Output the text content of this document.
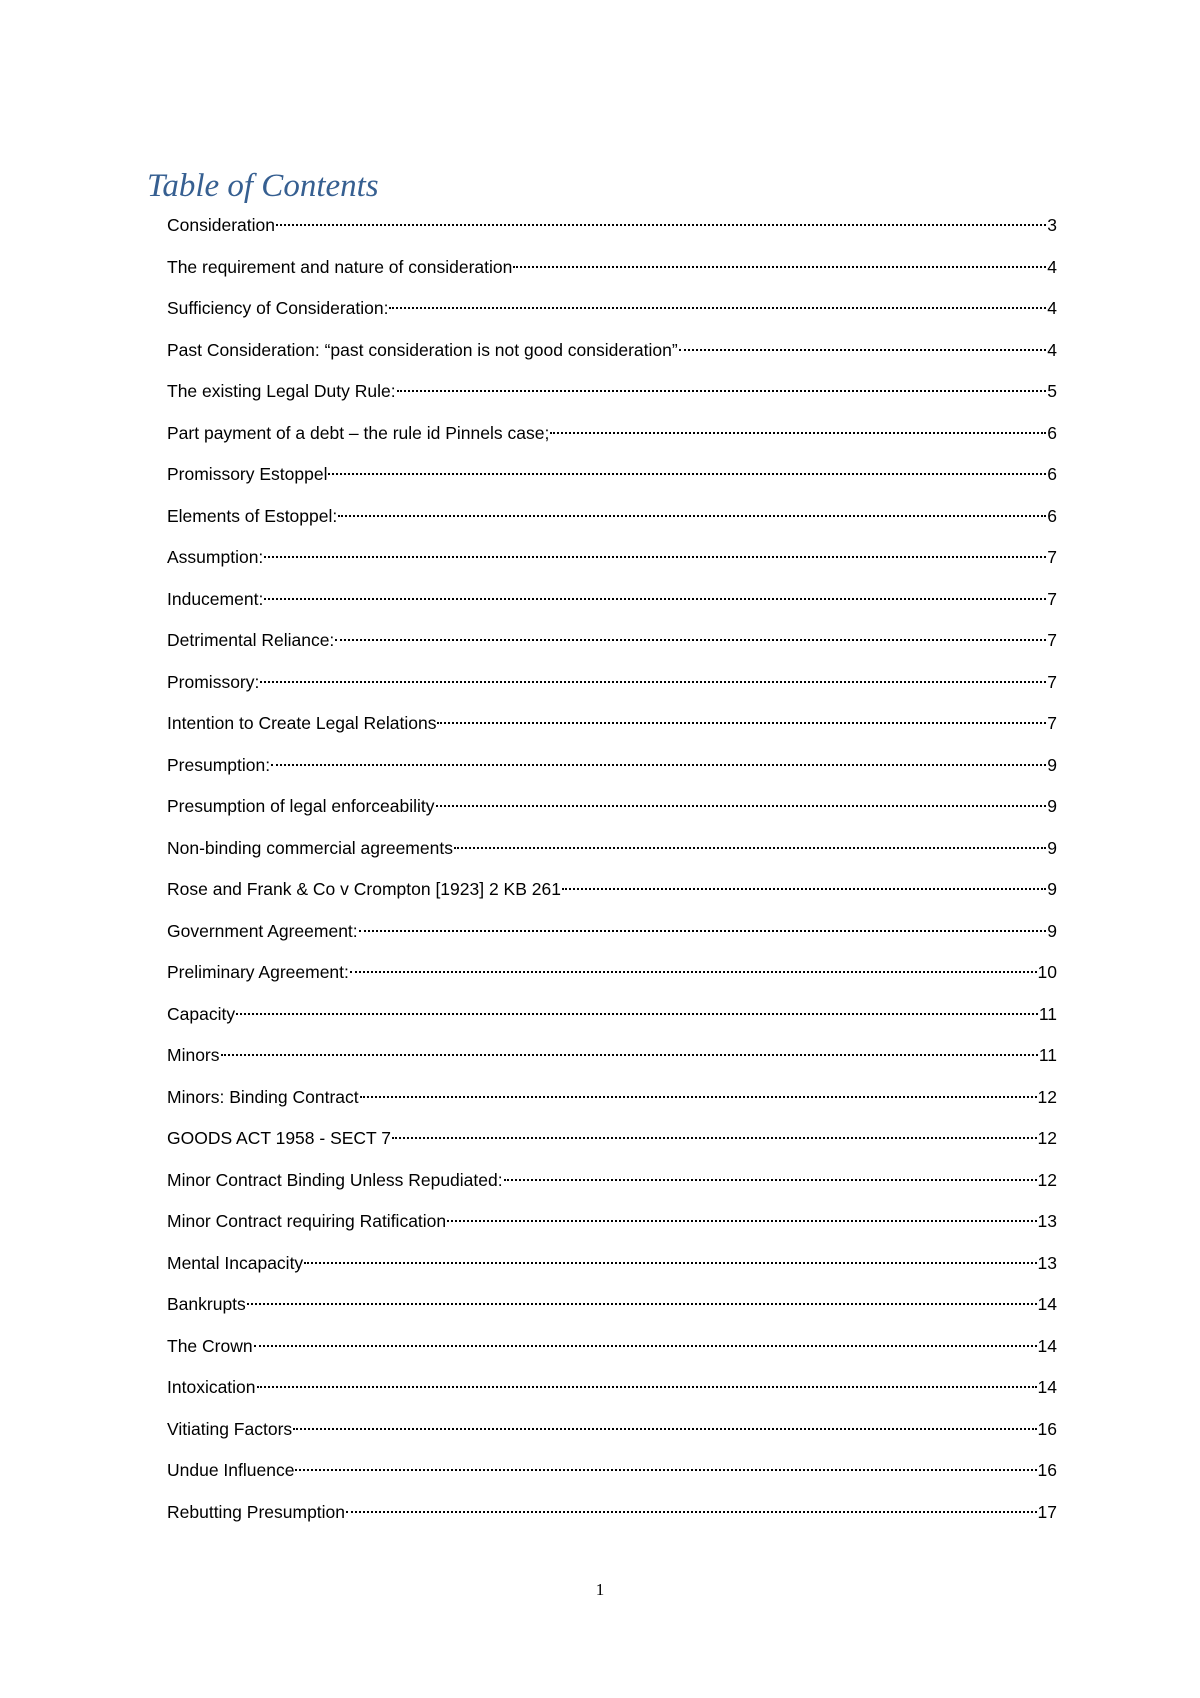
Table of Contents
Consideration	3
The requirement and nature of consideration	4
Sufficiency of Consideration:	4
Past Consideration: “past consideration is not good consideration”	4
The existing Legal Duty Rule:	5
Part payment of a debt – the rule id Pinnels case;	6
Promissory Estoppel	6
Elements of Estoppel:	6
Assumption:	7
Inducement:	7
Detrimental Reliance:	7
Promissory:	7
Intention to Create Legal Relations	7
Presumption:	9
Presumption of legal enforceability	9
Non-binding commercial agreements	9
Rose and Frank & Co v Crompton [1923] 2 KB 261	9
Government Agreement:	9
Preliminary Agreement:	10
Capacity	11
Minors	11
Minors: Binding Contract	12
GOODS ACT 1958 - SECT 7	12
Minor Contract Binding Unless Repudiated:	12
Minor Contract requiring Ratification	13
Mental Incapacity	13
Bankrupts	14
The Crown	14
Intoxication	14
Vitiating Factors	16
Undue Influence	16
Rebutting Presumption	17
1
